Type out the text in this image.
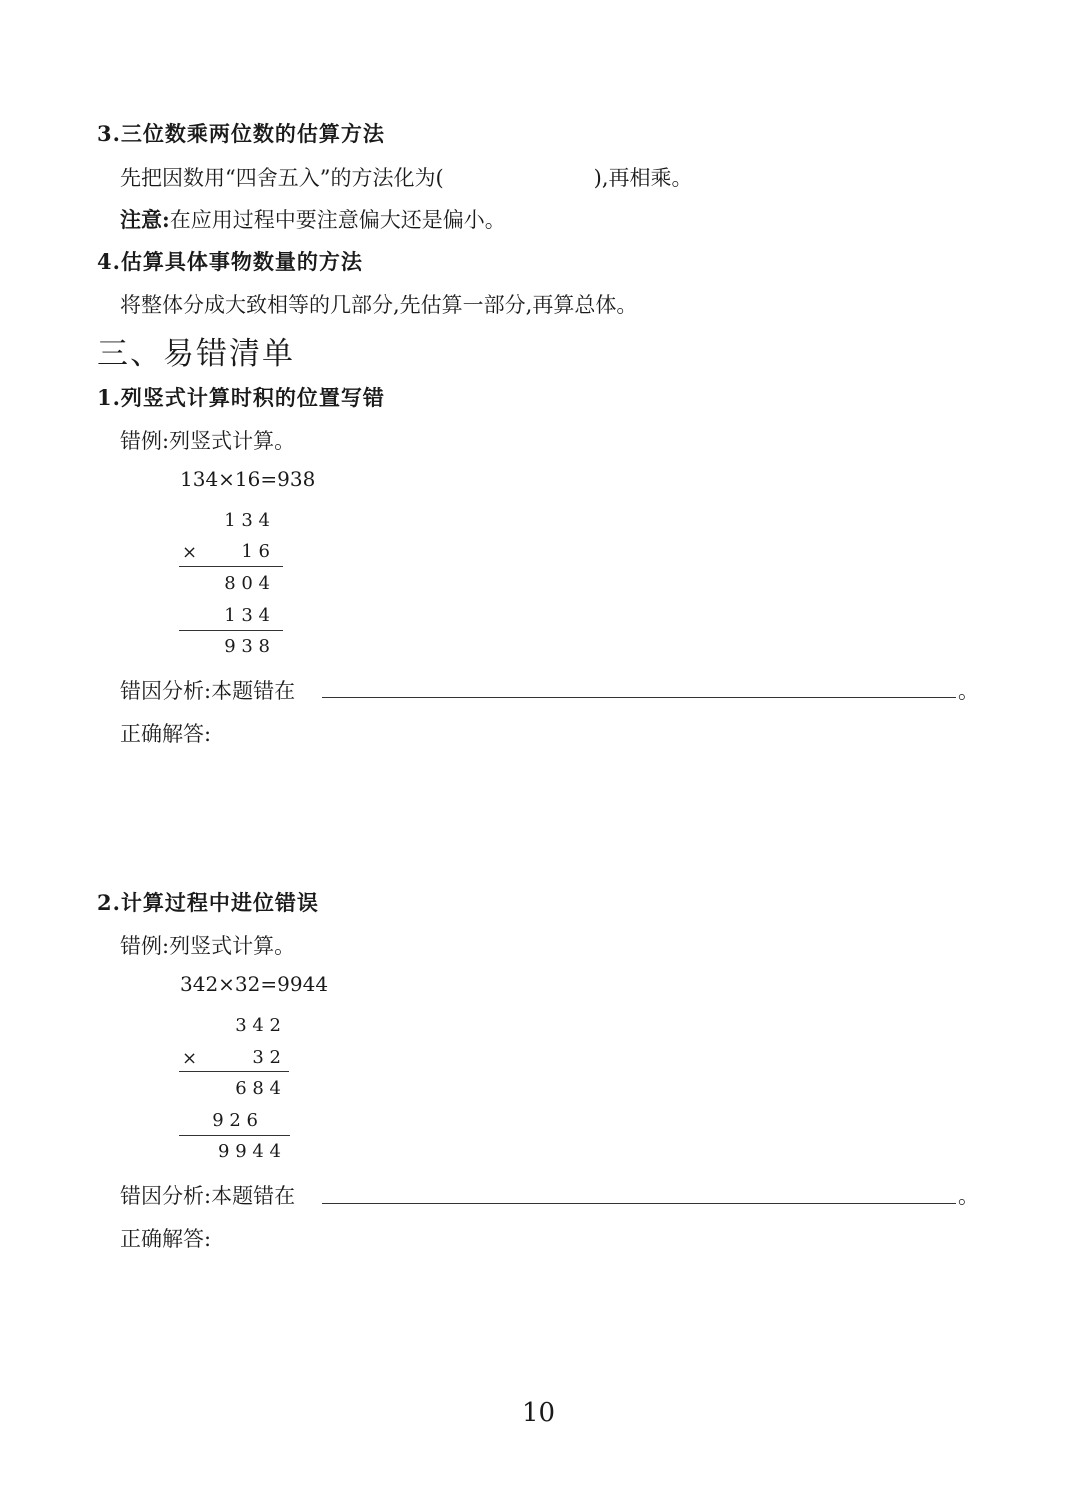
3.三位数乘两位数的估算方法
先把因数用“四舍五入”的方法化为(	),再相乘。
注意:在应用过程中要注意偏大还是偏小。
4.估算具体事物数量的方法
将整体分成大致相等的几部分,先估算一部分,再算总体。
三、易错清单
1.列竖式计算时积的位置写错
错例:列竖式计算。
134×16=938
1 3 4
× 1 6
8 0 4
1 3 4
9 3 8
错因分析:本题错在	。
正确解答:
2.计算过程中进位错误
错例:列竖式计算。
342×32=9944
3 4 2
×	3 2
6 8 4
9 2 6
9 9 4 4
错因分析:本题错在	。
正确解答:
10
